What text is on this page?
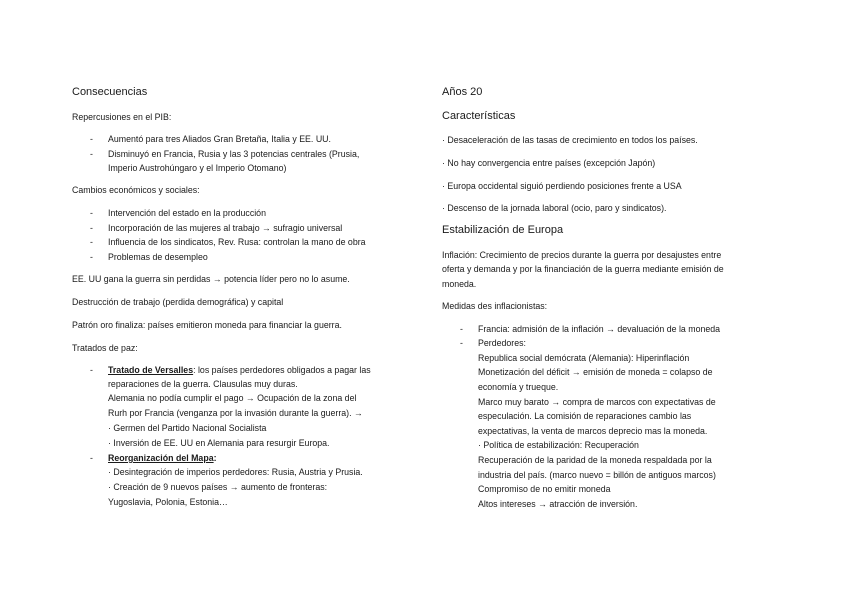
Consecuencias
Repercusiones en el PIB:
- Aumentó para tres Aliados Gran Bretaña, Italia y EE. UU.
- Disminuyó en Francia, Rusia y las 3 potencias centrales (Prusia,
Imperio Austrohúngaro y el Imperio Otomano)
Cambios económicos y sociales:
- Intervención del estado en la producción
- Incorporación de las mujeres al trabajo → sufragio universal
- Influencia de los sindicatos, Rev. Rusa: controlan la mano de obra
- Problemas de desempleo
EE. UU gana la guerra sin perdidas → potencia líder pero no lo asume.
Destrucción de trabajo (perdida demográfica) y capital
Patrón oro finaliza: países emitieron moneda para financiar la guerra.
Tratados de paz:
- Tratado de Versalles: los países perdedores obligados a pagar las
reparaciones de la guerra. Clausulas muy duras.
Alemania no podía cumplir el pago → Ocupación de la zona del
Rurh por Francia (venganza por la invasión durante la guerra). →
· Germen del Partido Nacional Socialista
· Inversión de EE. UU en Alemania para resurgir Europa.
- Reorganización del Mapa:
· Desintegración de imperios perdedores: Rusia, Austria y Prusia.
· Creación de 9 nuevos países → aumento de fronteras:
Yugoslavia, Polonia, Estonia…
Años 20
Características
· Desaceleración de las tasas de crecimiento en todos los países.
· No hay convergencia entre países (excepción Japón)
· Europa occidental siguió perdiendo posiciones frente a USA
· Descenso de la jornada laboral (ocio, paro y sindicatos).
Estabilización de Europa
Inflación: Crecimiento de precios durante la guerra por desajustes entre
oferta y demanda y por la financiación de la guerra mediante emisión de
moneda.
Medidas des inflacionistas:
- Francia: admisión de la inflación → devaluación de la moneda
- Perdedores:
Republica social demócrata (Alemania): Hiperinflación
Monetización del déficit → emisión de moneda = colapso de
economía y trueque.
Marco muy barato → compra de marcos con expectativas de
especulación. La comisión de reparaciones cambio las
expectativas, la venta de marcos deprecio mas la moneda.
· Política de estabilización: Recuperación
Recuperación de la paridad de la moneda respaldada por la
industria del país. (marco nuevo = billón de antiguos marcos)
Compromiso de no emitir moneda
Altos intereses → atracción de inversión.
